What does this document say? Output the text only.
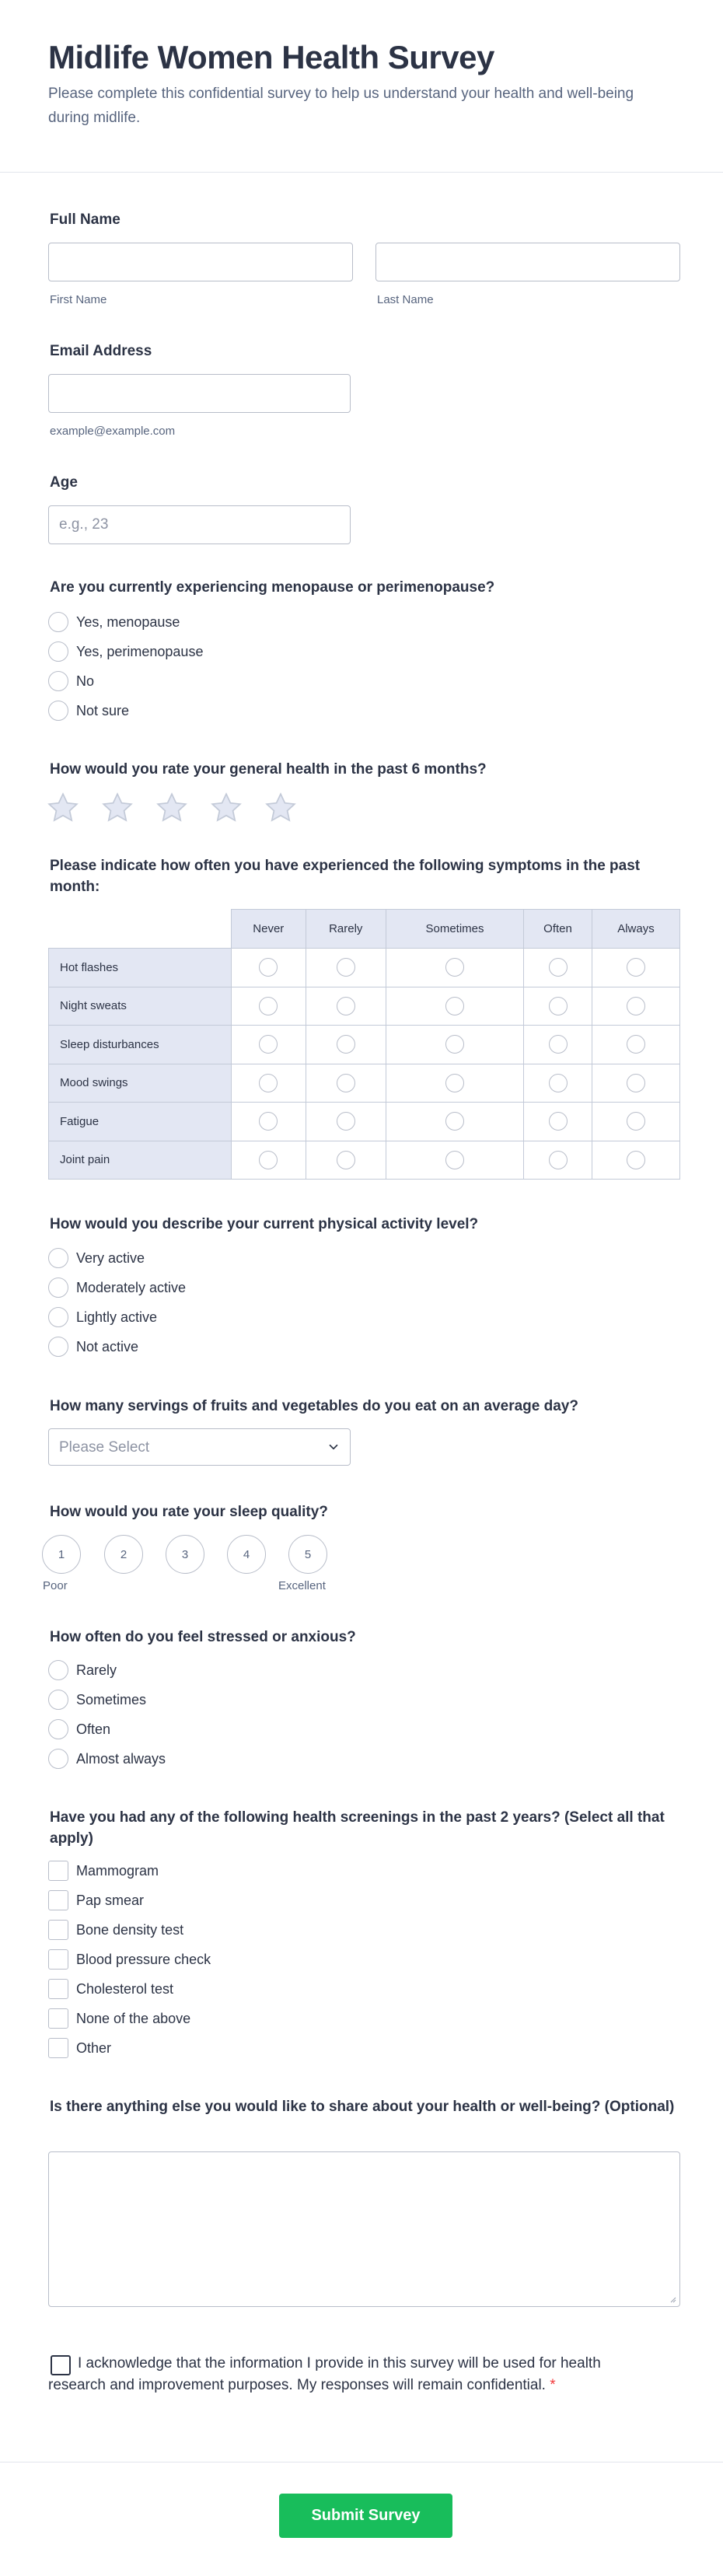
Midlife Women Health Survey

Please complete this confidential survey to help us understand your health and well-being during midlife.

Full Name
First Name	Last Name
Email Address
example@example.com
Age
e.g., 23
Are you currently experiencing menopause or perimenopause?
Yes, menopause
Yes, perimenopause
No
Not sure
How would you rate your general health in the past 6 months?
Please indicate how often you have experienced the following symptoms in the past month:
	Never	Rarely	Sometimes	Often	Always
Hot flashes					
Night sweats					
Sleep disturbances					
Mood swings					
Fatigue					
Joint pain					
How would you describe your current physical activity level?
Very active
Moderately active
Lightly active
Not active
How many servings of fruits and vegetables do you eat on an average day?
Please Select
How would you rate your sleep quality?
1	2	3	4	5
Poor	Excellent
How often do you feel stressed or anxious?
Rarely
Sometimes
Often
Almost always
Have you had any of the following health screenings in the past 2 years? (Select all that apply)
Mammogram
Pap smear
Bone density test
Blood pressure check
Cholesterol test
None of the above
Other
Is there anything else you would like to share about your health or well-being? (Optional)
I acknowledge that the information I provide in this survey will be used for health research and improvement purposes. My responses will remain confidential. *
Submit Survey
